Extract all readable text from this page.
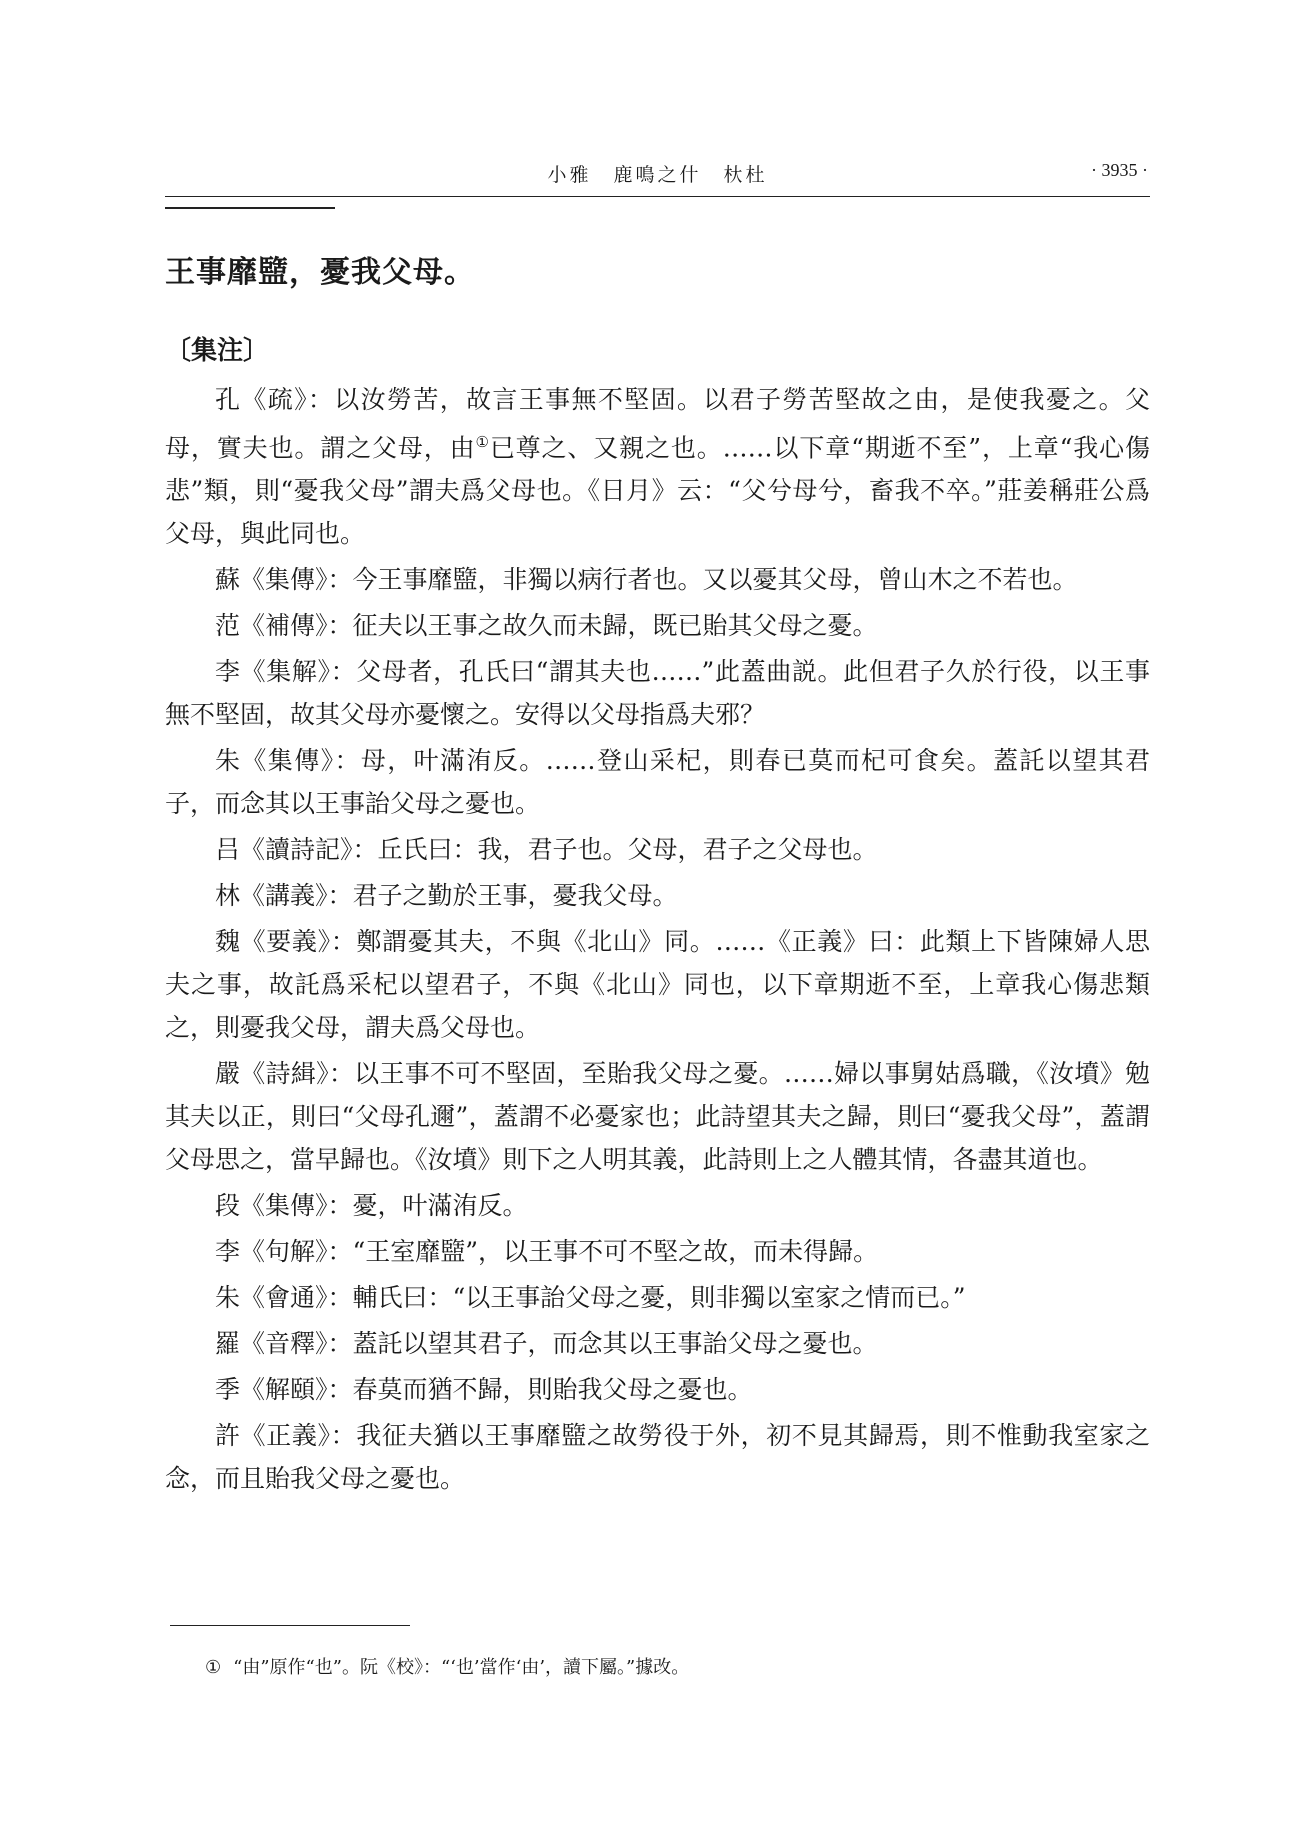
小雅　鹿鳴之什　杕杜	· 3935 ·
王事靡盬，憂我父母。
〔集注〕

孔《疏》：以汝勞苦，故言王事無不堅固。以君子勞苦堅故之由，是使我憂之。父母，實夫也。謂之父母，由①已尊之、又親之也。……以下章“期逝不至”，上章“我心傷悲”類，則“憂我父母”謂夫爲父母也。《日月》云：“父兮母兮，畜我不卒。”莊姜稱莊公爲父母，與此同也。

蘇《集傳》：今王事靡盬，非獨以病行者也。又以憂其父母，曾山木之不若也。

范《補傳》：征夫以王事之故久而未歸，既已貽其父母之憂。

李《集解》：父母者，孔氏曰“謂其夫也……”此蓋曲説。此但君子久於行役，以王事無不堅固，故其父母亦憂懷之。安得以父母指爲夫邪？

朱《集傳》：母，叶滿洧反。……登山采杞，則春已莫而杞可食矣。蓋託以望其君子，而念其以王事詒父母之憂也。

吕《讀詩記》：丘氏曰：我，君子也。父母，君子之父母也。

林《講義》：君子之勤於王事，憂我父母。

魏《要義》：鄭謂憂其夫，不與《北山》同。……《正義》曰：此類上下皆陳婦人思夫之事，故託爲采杞以望君子，不與《北山》同也，以下章期逝不至，上章我心傷悲類之，則憂我父母，謂夫爲父母也。

嚴《詩緝》：以王事不可不堅固，至貽我父母之憂。……婦以事舅姑爲職，《汝墳》勉其夫以正，則曰“父母孔邇”，蓋謂不必憂家也；此詩望其夫之歸，則曰“憂我父母”，蓋謂父母思之，當早歸也。《汝墳》則下之人明其義，此詩則上之人體其情，各盡其道也。

段《集傳》：憂，叶滿洧反。

李《句解》：“王室靡盬”，以王事不可不堅之故，而未得歸。

朱《會通》：輔氏曰：“以王事詒父母之憂，則非獨以室家之情而已。”

羅《音釋》：蓋託以望其君子，而念其以王事詒父母之憂也。

季《解頤》：春莫而猶不歸，則貽我父母之憂也。

許《正義》：我征夫猶以王事靡盬之故勞役于外，初不見其歸焉，則不惟動我室家之念，而且貽我父母之憂也。

① “由”原作“也”。阮《校》：“‘也’當作‘由’，讀下屬。”據改。
